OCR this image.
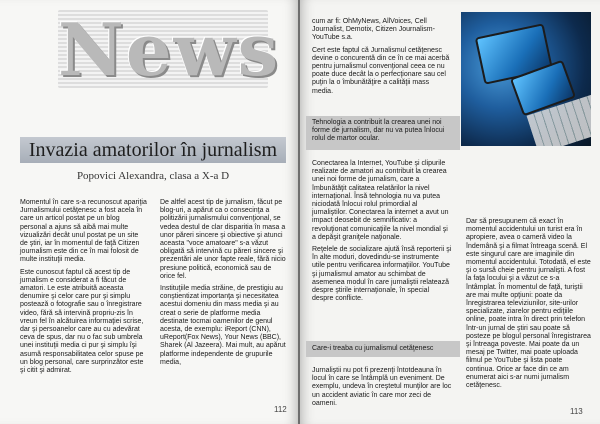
News
Invazia amatorilor în jurnalism
Popovici Alexandra, clasa a X-a D

Momentul în care s-a recunoscut apariţia Jurnalismului cetăţenesc a fost acela în care un articol postat pe un blog personal a ajuns să aibă mai multe vizualizări decât unul postat pe un site de ştiri, iar în momentul de faţă Citizen journalism este din ce în mai folosit de multe instituţii media.

Este cunoscut faptul că acest tip de jurnalism e considerat a fi făcut de amatori. Le este atribuită aceasta denumire şi celor care pur şi simplu postează o fotografie sau o înregistrare video, fără să intervină propriu-zis în vreun fel în alcătuirea informaţiei scrise, dar şi persoanelor care au cu adevărat ceva de spus, dar nu o fac sub umbrela unei instituţii media ci pur şi simplu îşi asumă responsabilitatea celor spuse pe un blog personal, care surprinzător este şi citit şi admirat.

De altfel acest tip de jurnalism, făcut pe blog-uri, a apărut ca o consecinţa a politizării jurnalismului convenţional, se vedea destul de clar disparitia în masa a unor păreri sincere şi obiective şi atunci aceasta "voce amatoare" s-a văzut obligată să intervină cu păreri sincere şi prezentări ale unor fapte reale, fără nicio presiune politică, economică sau de orice fel.

Instituţiile media străine, de prestigiu au conştientizat importanţa şi necesitatea acestui domeniu din mass media şi au creat o serie de platforme media destinate tocmai oamenilor de genul acesta, de exemplu: iReport (CNN), uReport(Fox News), Your News (BBC), Sharek (Al Jazeera). Mai mult, au apărut platforme independente de grupurile media,

112

cum ar fi: OhMyNews, AllVoices, Cell Journalist, Demotix, Citizen Journalism-YouTube s.a.

Cert este faptul că Jurnalismul cetăţenesc devine o concurentă din ce în ce mai acerbă pentru jurnalismul convenţional ceea ce nu poate duce decât la o perfecţionare sau cel puţin la o îmbunătăţire a calităţii mass media.

Tehnologia a contribuit la crearea unei noi forme de jurnalism, dar nu va putea înlocui rolul de martor ocular.

Conectarea la Internet, YouTube şi clipurile realizate de amatori au contribuit la crearea unei noi forme de jurnalism, care a îmbunătăţit calitatea relatărilor la nivel internaţional. Însă tehnologia nu va putea niciodată înlocui rolul primordial al jurnaliştilor. Conectarea la internet a avut un impact deosebit de semnificativ: a revoluţionat comunicaţiile la nivel mondial şi a depăşit graniţele naţionale.

Reţelele de socializare ajută însă reporterii şi în alte moduri, dovedindu-se instrumente utile pentru verificarea informaţiilor. YouTube şi jurnalismul amator au schimbat de asemenea modul în care jurnaliştii relatează despre ştirile internaţionale, în special despre conflicte.

Care-i treaba cu jurnalismul cetăţenesc

Jurnaliştii nu pot fi prezenţi întotdeauna în locul în care se întâmplă un eveniment. De exemplu, undeva în creştetul munţilor are loc un accident aviatic în care mor zeci de oameni.

Dar să presupunem că exact în momentul accidentului un turist era în apropiere, avea o cameră video la îndemână şi a filmat întreaga scenă. El este singurul care are imaginile din momentul accidentului. Totodată, el este şi o sursă cheie pentru jurnalişti. A fost la faţa locului şi a văzut ce s-a întâmplat. În momentul de faţă, turiştii are mai multe opţiuni: poate da înregistrarea televiziunilor, site-urilor specializate, ziarelor pentru ediţiile online, poate intra în direct prin telefon într-un jurnal de ştiri sau poate să posteze pe blogul personal înregistrarea şi întreaga poveste. Mai poate da un mesaj pe Twitter, mai poate uploada filmul pe YouTube şi lista poate continua. Orice ar face din ce am enumerat aici s-ar numi jurnalism cetăţenesc.

113
